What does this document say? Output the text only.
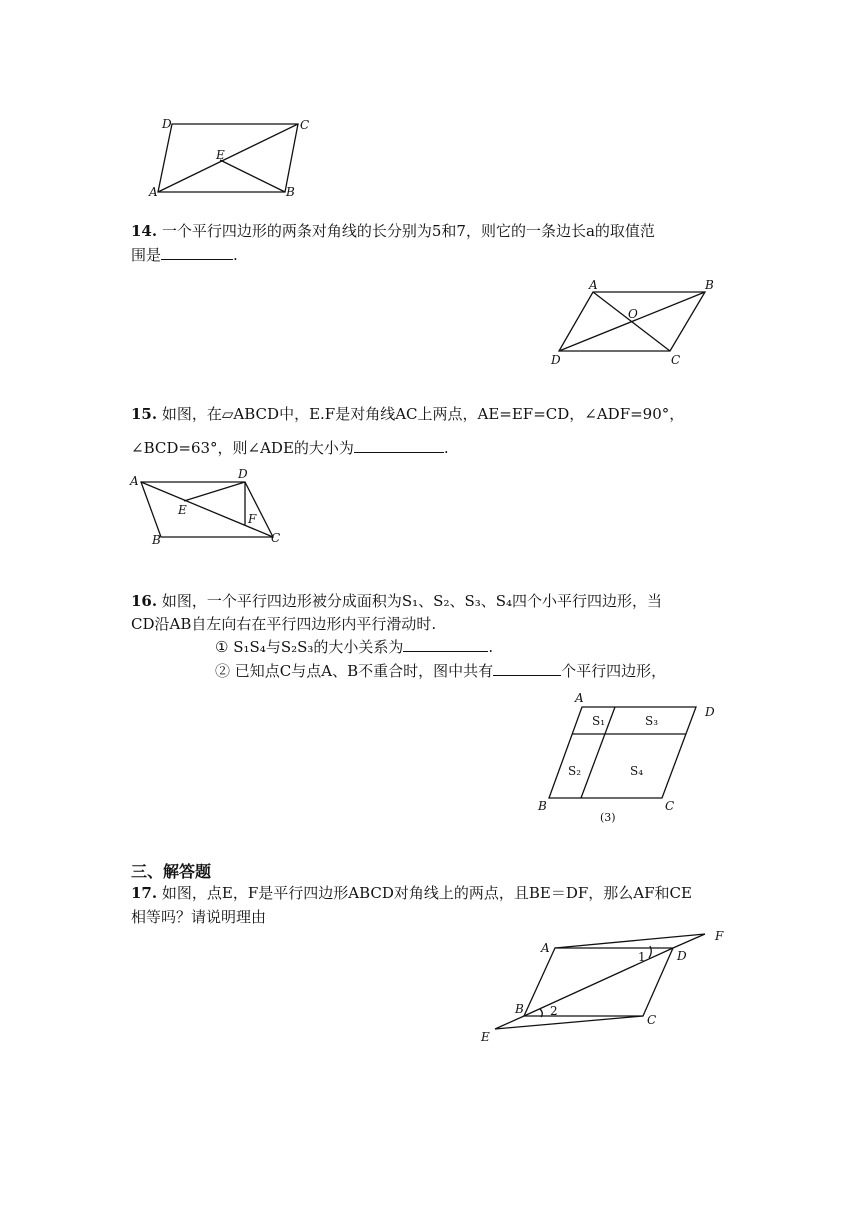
D	C
E
A	B
14. 一个平行四边形的两条对角线的长分别为5和7，则它的一条边长a的取值范
围是	.
A	B
O
D	C
15. 如图，在▱ABCD中，E.F是对角线AC上两点，AE=EF=CD，∠ADF=90°，
∠BCD=63°，则∠ADE的大小为	.
A	D
E
F
B	C
16. 如图，一个平行四边形被分成面积为S₁、S₂、S₃、S₄四个小平行四边形，当
CD沿AB自左向右在平行四边形内平行滑动时.
① S₁S₄与S₂S₃的大小关系为	.
② 已知点C与点A、B不重合时，图中共有	个平行四边形，
A
D
S₁	S₃
S₂	S₄
B	C
(3)
三、解答题
17. 如图，点E，F是平行四边形ABCD对角线上的两点，且BE＝DF，那么AF和CE
相等吗？请说明理由
A
F
1	D
B 2
C
E
